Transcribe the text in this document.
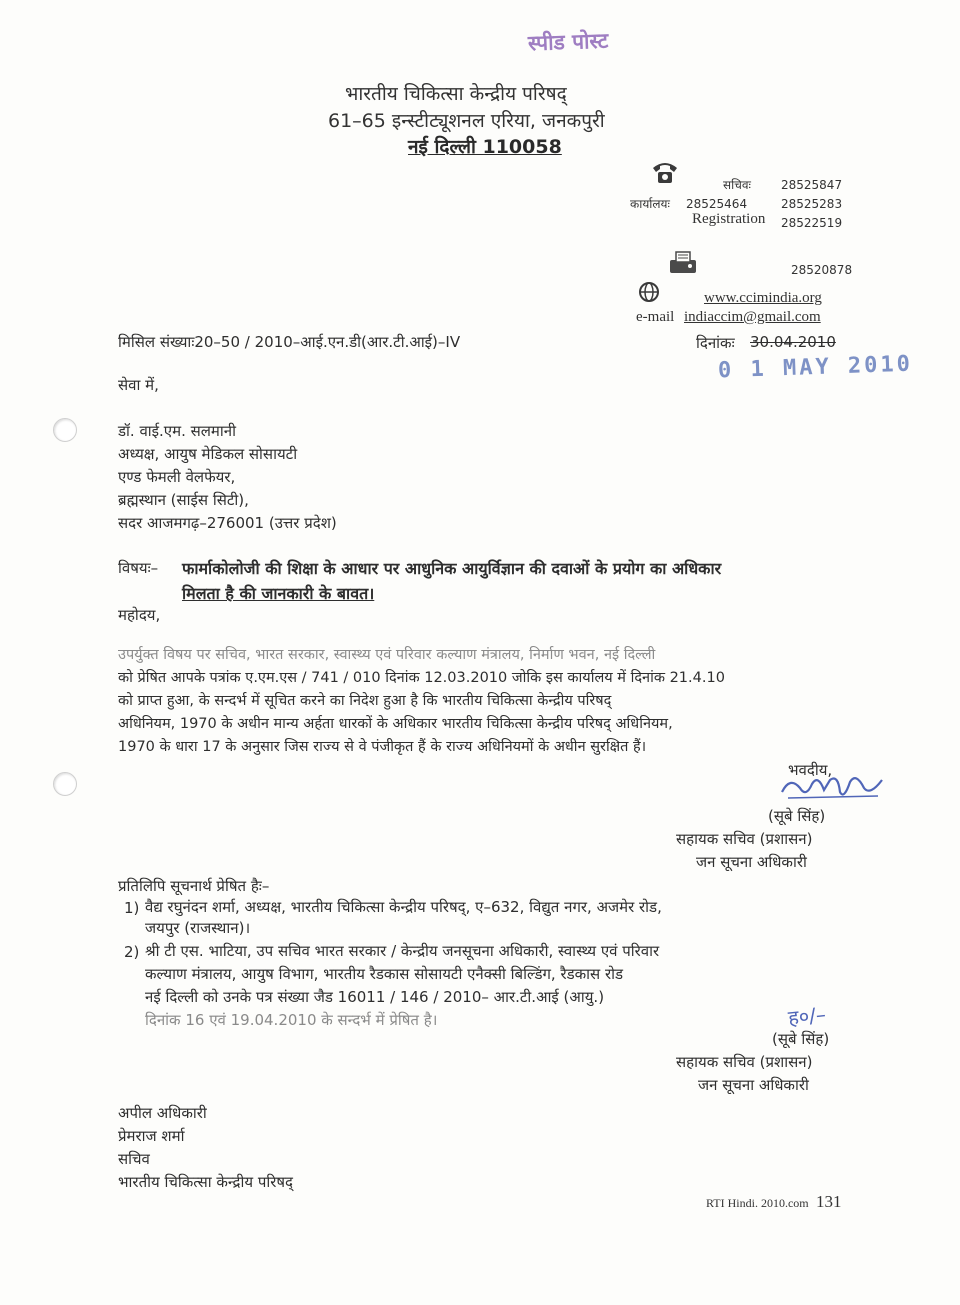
स्पीड पोस्ट
भारतीय चिकित्सा केन्द्रीय परिषद्
61–65 इन्स्टीट्यूशनल एरिया, जनकपुरी
नई दिल्ली 110058
सचिवः	28525847
कार्यालयः 28525464	28525283
Registration 28522519
28520878
www.ccimindia.org
e-mail indiaccim@gmail.com
मिसिल संख्याः20–50 / 2010–आई.एन.डी(आर.टी.आई)–IV	दिनांकः 30.04.2010
0 1 MAY 2010
सेवा में,
डॉ. वाई.एम. सलमानी
अध्यक्ष, आयुष मेडिकल सोसायटी
एण्ड फेमली वेलफेयर,
ब्रह्मस्थान (साईस सिटी),
सदर आजमगढ़–276001 (उत्तर प्रदेश)
विषयः– फार्माकोलोजी की शिक्षा के आधार पर आधुनिक आयुर्विज्ञान की दवाओं के प्रयोग का अधिकार
मिलता है की जानकारी के बावत।
महोदय,
उपर्युक्त विषय पर सचिव, भारत सरकार, स्वास्थ्य एवं परिवार कल्याण मंत्रालय, निर्माण भवन, नई दिल्ली
को प्रेषित आपके पत्रांक ए.एम.एस / 741 / 010 दिनांक 12.03.2010 जोकि इस कार्यालय में दिनांक 21.4.10
को प्राप्त हुआ, के सन्दर्भ में सूचित करने का निदेश हुआ है कि भारतीय चिकित्सा केन्द्रीय परिषद्
अधिनियम, 1970 के अधीन मान्य अर्हता धारकों के अधिकार भारतीय चिकित्सा केन्द्रीय परिषद् अधिनियम,
1970 के धारा 17 के अनुसार जिस राज्य से वे पंजीकृत हैं के राज्य अधिनियमों के अधीन सुरक्षित हैं।
भवदीय,
(सूबे सिंह)
सहायक सचिव (प्रशासन)
जन सूचना अधिकारी
प्रतिलिपि सूचनार्थ प्रेषित हैः–
1) वैद्य रघुनंदन शर्मा, अध्यक्ष, भारतीय चिकित्सा केन्द्रीय परिषद्, ए–632, विद्युत नगर, अजमेर रोड,
जयपुर (राजस्थान)।
2) श्री टी एस. भाटिया, उप सचिव भारत सरकार / केन्द्रीय जनसूचना अधिकारी, स्वास्थ्य एवं परिवार
कल्याण मंत्रालय, आयुष विभाग, भारतीय रैडकास सोसायटी एनैक्सी बिल्डिंग, रैडकास रोड
नई दिल्ली को उनके पत्र संख्या जैड 16011 / 146 / 2010– आर.टी.आई (आयु.)
दिनांक 16 एवं 19.04.2010 के सन्दर्भ में प्रेषित है।	ह०/–
(सूबे सिंह)
सहायक सचिव (प्रशासन)
जन सूचना अधिकारी
अपील अधिकारी
प्रेमराज शर्मा
सचिव
भारतीय चिकित्सा केन्द्रीय परिषद्
RTI Hindi. 2010.com 131
